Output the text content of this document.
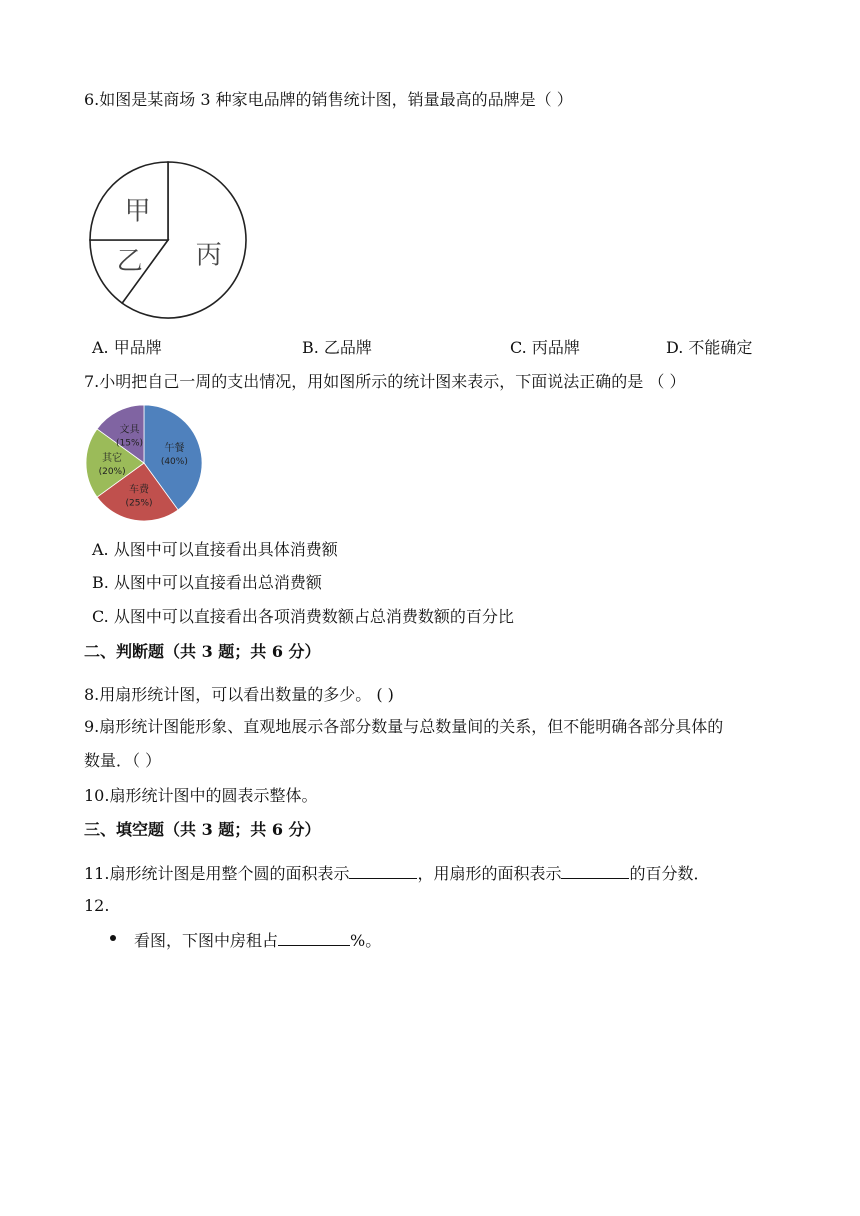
6.如图是某商场 3 种家电品牌的销售统计图，销量最高的品牌是（ ）
丙
乙
甲
A. 甲品牌	B. 乙品牌	C. 丙品牌	D. 不能确定
7.小明把自己一周的支出情况，用如图所示的统计图来表示，下面说法正确的是 （ ）
午餐
(40%)
车费
(25%)
其它
(20%)
文具
(15%)
A. 从图中可以直接看出具体消费额
B. 从图中可以直接看出总消费额
C. 从图中可以直接看出各项消费数额占总消费数额的百分比
二、判断题（共 3 题；共 6 分）
8.用扇形统计图，可以看出数量的多少。 ( )
9.扇形统计图能形象、直观地展示各部分数量与总数量间的关系，但不能明确各部分具体的
数量．（ ）
10.扇形统计图中的圆表示整体。
三、填空题（共 3 题；共 6 分）
11.扇形统计图是用整个圆的面积表示	，用扇形的面积表示	的百分数．
12.
看图，下图中房租占	%。
